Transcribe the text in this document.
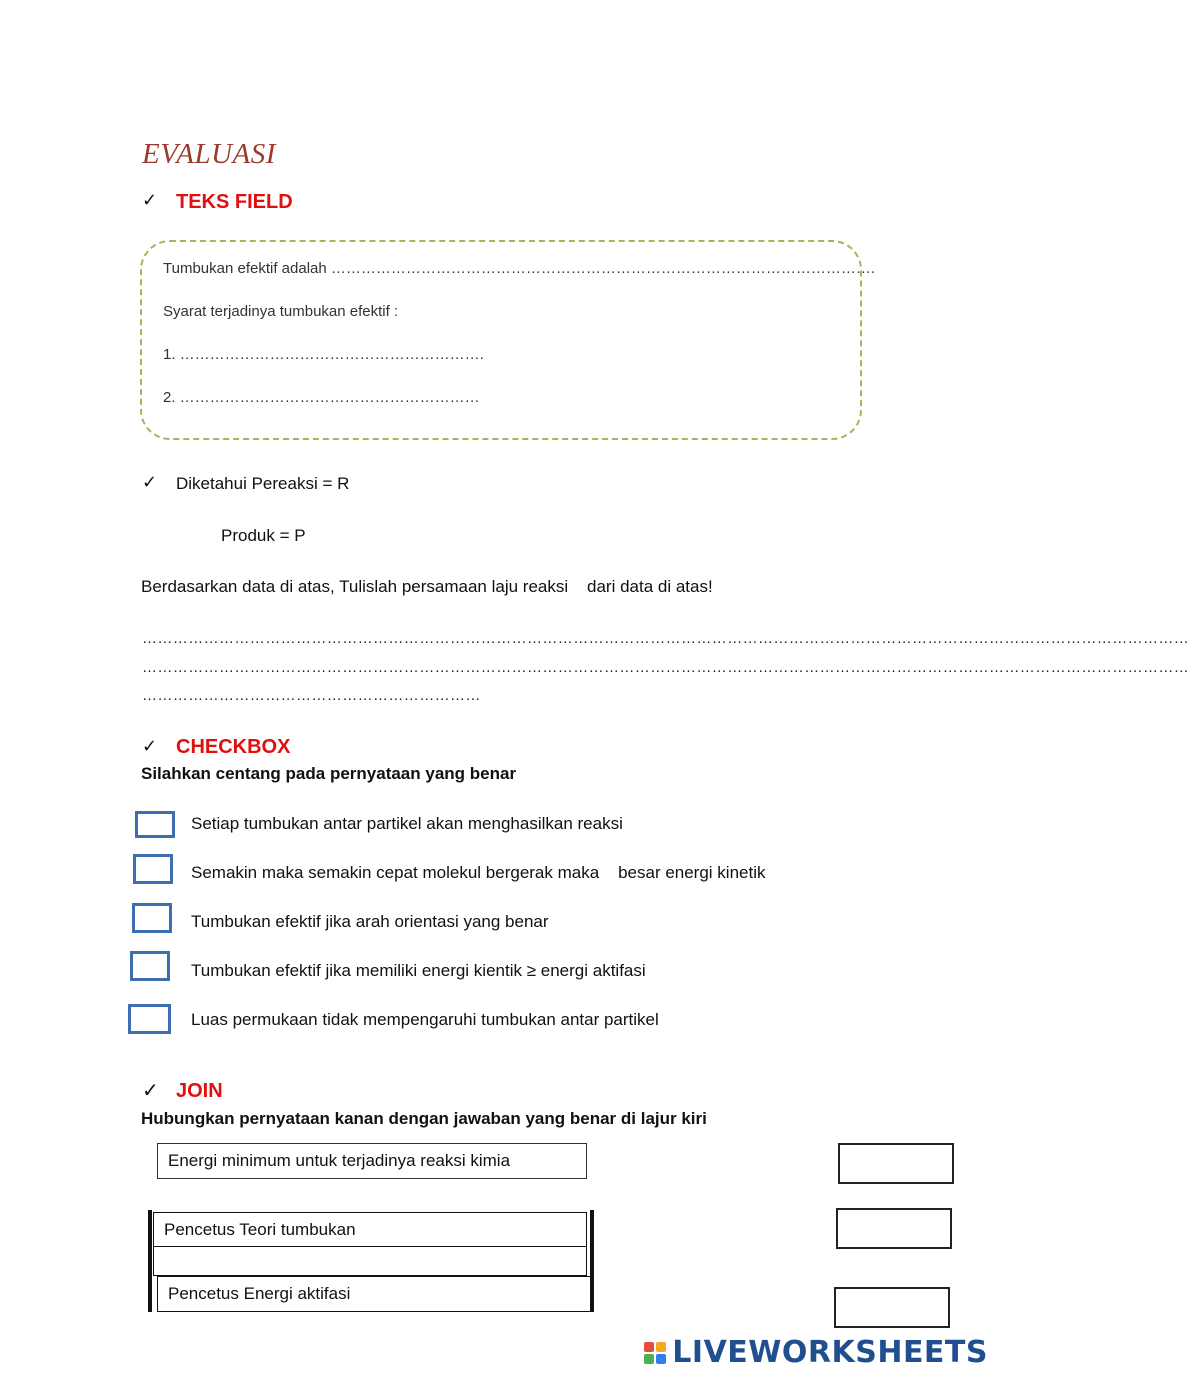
EVALUASI
✓ TEKS FIELD
Tumbukan efektif adalah ……………………………………………………………………………………………….
Syarat terjadinya tumbukan efektif :
1. …………………………………………………….
2. ……………………………………………………
✓ Diketahui Pereaksi = R
Produk = P
Berdasarkan data di atas, Tulislah persamaan laju reaksi    dari data di atas!
……………………………………………………………………………………………………………………………………………………………………………………
……………………………………………………………………………………………………………………………………………………………………………………
…………………………………………………………
✓ CHECKBOX
Silahkan centang pada pernyataan yang benar
Setiap tumbukan antar partikel akan menghasilkan reaksi
Semakin maka semakin cepat molekul bergerak maka    besar energi kinetik
Tumbukan efektif jika arah orientasi yang benar
Tumbukan efektif jika memiliki energi kientik ≥ energi aktifasi
Luas permukaan tidak mempengaruhi tumbukan antar partikel
✓ JOIN
Hubungkan pernyataan kanan dengan jawaban yang benar di lajur kiri
Energi minimum untuk terjadinya reaksi kimia
Pencetus Teori tumbukan
Pencetus Energi aktifasi
LIVEWORKSHEETS
